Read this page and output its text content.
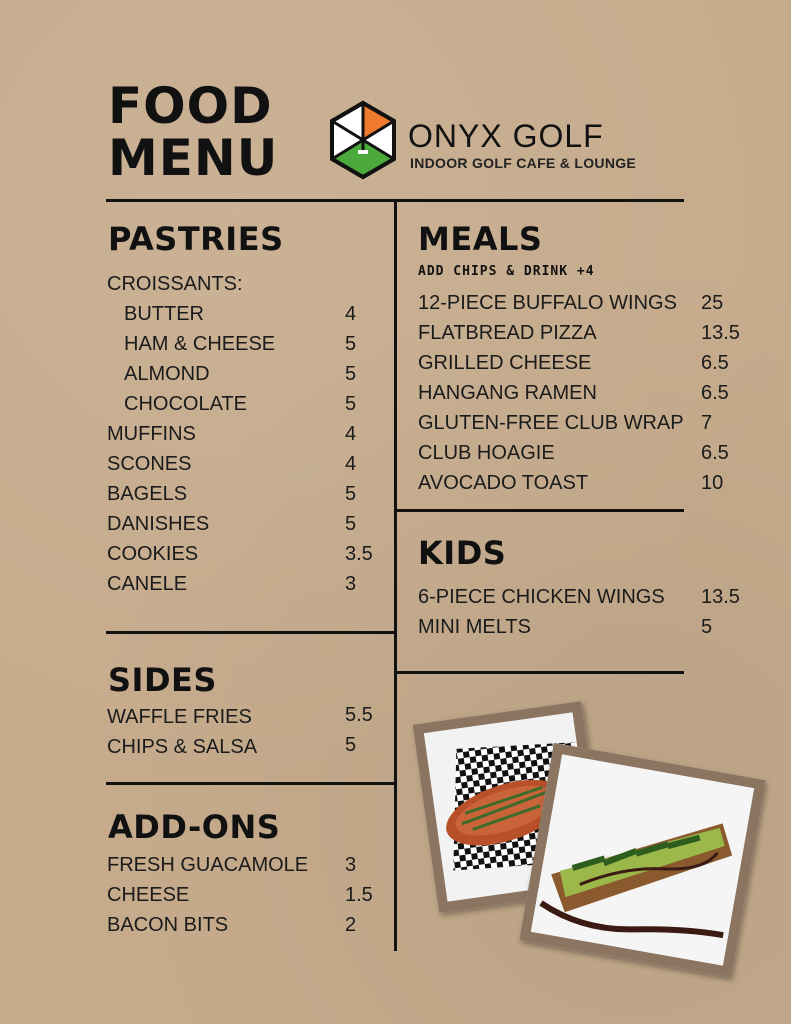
FOOD
MENU	ONYX GOLF
INDOOR GOLF CAFE & LOUNGE
PASTRIES
CROISSANTS:
BUTTER	4
HAM & CHEESE	5
ALMOND	5
CHOCOLATE	5
MUFFINS	4
SCONES	4
BAGELS	5
DANISHES	5
COOKIES	3.5
CANELE	3
SIDES
WAFFLE FRIES	5.5
CHIPS & SALSA	5
ADD-ONS
FRESH GUACAMOLE 3
CHEESE	1.5
BACON BITS	2
MEALS
ADD CHIPS & DRINK +4
12-PIECE BUFFALO WINGS 25
FLATBREAD PIZZA	13.5
GRILLED CHEESE	6.5
HANGANG RAMEN	6.5
GLUTEN-FREE CLUB WRAP 7
CLUB HOAGIE	6.5
AVOCADO TOAST	10
KIDS
6-PIECE CHICKEN WINGS 13.5
MINI MELTS	5
